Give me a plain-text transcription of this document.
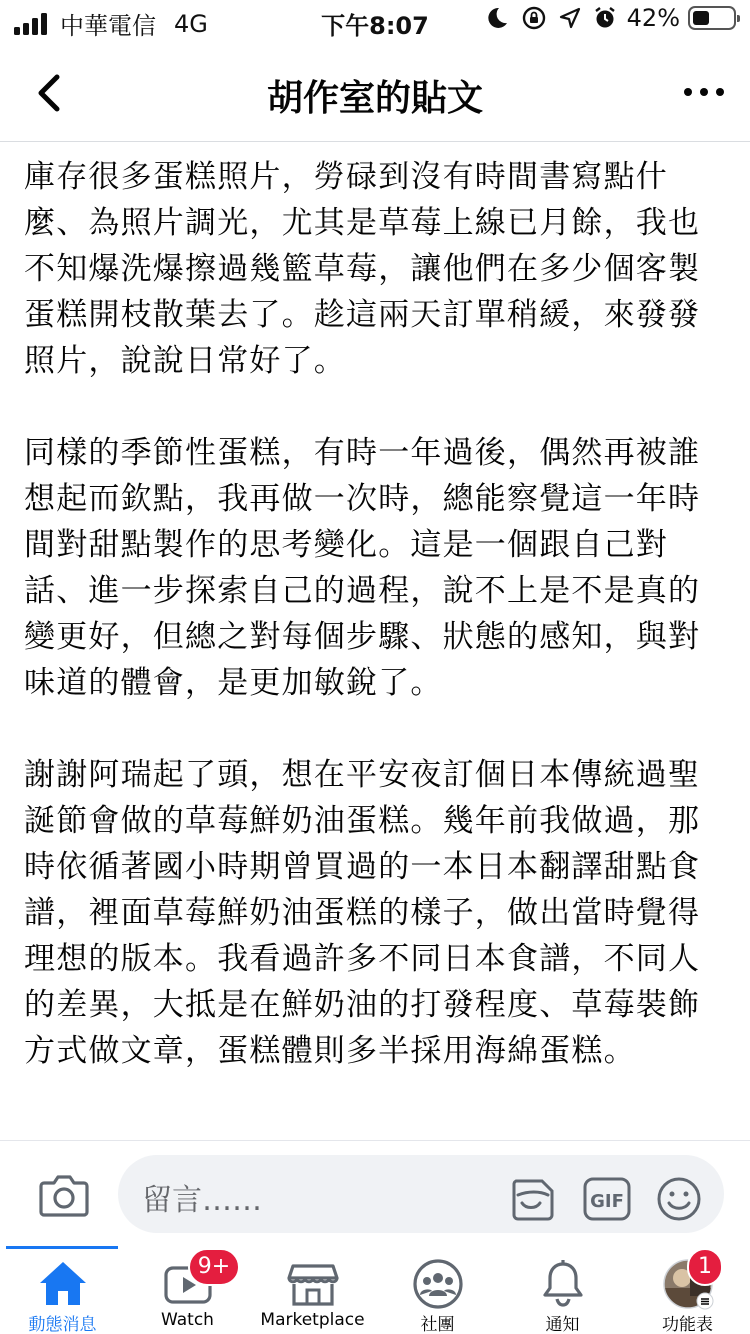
中華電信 4G	下午8:07	42%
胡作室的貼文

庫存很多蛋糕照片，勞碌到沒有時間書寫點什麼、為照片調光，尤其是草莓上線已月餘，我也不知爆洗爆擦過幾籃草莓，讓他們在多少個客製蛋糕開枝散葉去了。趁這兩天訂單稍緩，來發發照片，說說日常好了。

同樣的季節性蛋糕，有時一年過後，偶然再被誰想起而欽點，我再做一次時，總能察覺這一年時間對甜點製作的思考變化。這是一個跟自己對話、進一步探索自己的過程，說不上是不是真的變更好，但總之對每個步驟、狀態的感知，與對味道的體會，是更加敏銳了。

謝謝阿瑞起了頭，想在平安夜訂個日本傳統過聖誕節會做的草莓鮮奶油蛋糕。幾年前我做過，那時依循著國小時期曾買過的一本日本翻譯甜點食譜，裡面草莓鮮奶油蛋糕的樣子，做出當時覺得理想的版本。我看過許多不同日本食譜，不同人的差異，大抵是在鮮奶油的打發程度、草莓裝飾方式做文章，蛋糕體則多半採用海綿蛋糕。

留言……	GIF
動態消息
9+
Watch	Marketplace	社團	通知
1
功能表
